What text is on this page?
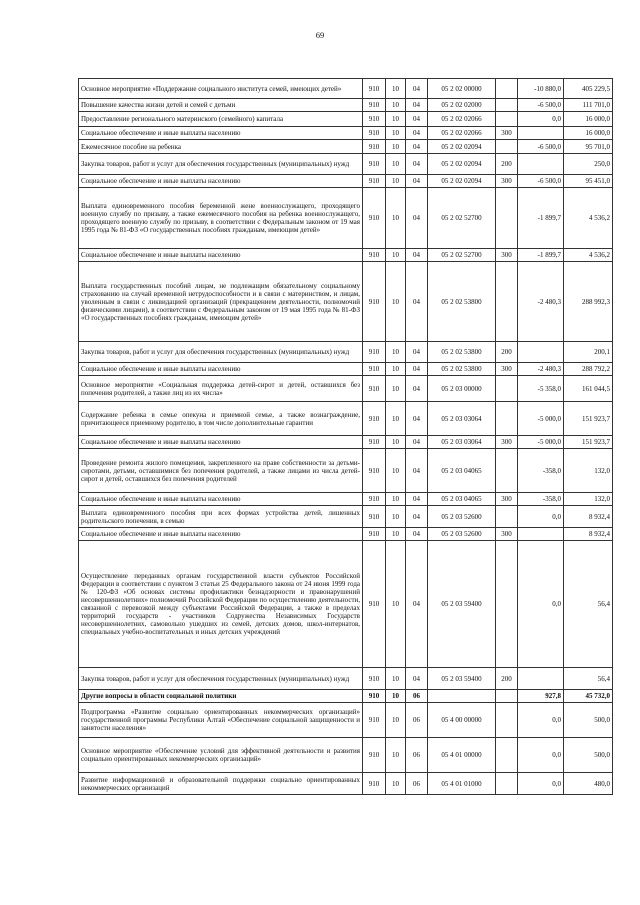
69
Основное мероприятие «Поддержание социального института семей, имеющих детей»	910	10	04	05 2 02 00000		-10 880,0	405 229,5
Повышение качества жизни детей и семей с детьми	910	10	04	05 2 02 02000		-6 500,0	111 701,0
Предоставление регионального материнского (семейного) капитала	910	10	04	05 2 02 02066		0,0	16 000,0
Социальное обеспечение и иные выплаты населению	910	10	04	05 2 02 02066	300		16 000,0
Ежемесячное пособие на ребенка	910	10	04	05 2 02 02094		-6 500,0	95 701,0
Закупка товаров, работ и услуг для обеспечения государственных (муниципальных) нужд	910	10	04	05 2 02 02094	200		250,0
Социальное обеспечение и иные выплаты населению	910	10	04	05 2 02 02094	300	-6 500,0	95 451,0
Выплата единовременного пособия беременной жене военнослужащего, проходящего военную службу по призыву, а также ежемесячного пособия на ребенка военнослужащего, проходящего военную службу по призыву, в соответствии с Федеральным законом от 19 мая 1995 года № 81-ФЗ «О государственных пособиях гражданам, имеющим детей»	910	10	04	05 2 02 52700		-1 899,7	4 536,2
Социальное обеспечение и иные выплаты населению	910	10	04	05 2 02 52700	300	-1 899,7	4 536,2
Выплата государственных пособий лицам, не подлежащим обязательному социальному страхованию на случай временной нетрудоспособности и в связи с материнством, и лицам, уволенным в связи с ликвидацией организаций (прекращением деятельности, полномочий физическими лицами), в соответствии с Федеральным законом от 19 мая 1995 года № 81-ФЗ «О государственных пособиях гражданам, имеющим детей»	910	10	04	05 2 02 53800		-2 480,3	288 992,3
Закупка товаров, работ и услуг для обеспечения государственных (муниципальных) нужд	910	10	04	05 2 02 53800	200		200,1
Социальное обеспечение и иные выплаты населению	910	10	04	05 2 02 53800	300	-2 480,3	288 792,2
Основное мероприятие «Социальная поддержка детей-сирот и детей, оставшихся без попечения родителей, а также лиц из их числа»	910	10	04	05 2 03 00000		-5 358,0	161 044,5
Содержание ребенка в семье опекуна и приемной семье, а также вознаграждение, причитающееся приемному родителю, в том числе дополнительные гарантии	910	10	04	05 2 03 03064		-5 000,0	151 923,7
Социальное обеспечение и иные выплаты населению	910	10	04	05 2 03 03064	300	-5 000,0	151 923,7
Проведение ремонта жилого помещения, закрепленного на праве собственности за детьми-сиротами, детьми, оставшимися без попечения родителей, а также лицами из числа детей-сирот и детей, оставшихся без попечения родителей	910	10	04	05 2 03 04065		-358,0	132,0
Социальное обеспечение и иные выплаты населению	910	10	04	05 2 03 04065	300	-358,0	132,0
Выплата единовременного пособия при всех формах устройства детей, лишенных родительского попечения, в семью	910	10	04	05 2 03 52600		0,0	8 932,4
Социальное обеспечение и иные выплаты населению	910	10	04	05 2 03 52600	300		8 932,4
Осуществление переданных органам государственной власти субъектов Российской Федерации в соответствии с пунктом 3 статьи 25 Федерального закона от 24 июня 1999 года № 120-ФЗ «Об основах системы профилактики безнадзорности и правонарушений несовершеннолетних» полномочий Российской Федерации по осуществлению деятельности, связанной с перевозкой между субъектами Российской Федерации, а также в пределах территорий государств - участников Содружества Независимых Государств несовершеннолетних, самовольно ушедших из семей, детских домов, школ-интернатов, специальных учебно-воспитательных и иных детских учреждений	910	10	04	05 2 03 59400		0,0	56,4
Закупка товаров, работ и услуг для обеспечения государственных (муниципальных) нужд	910	10	04	05 2 03 59400	200		56,4
Другие вопросы в области социальной политики	910	10	06			927,8	45 732,0
Подпрограмма «Развитие социально ориентированных некоммерческих организаций» государственной программы Республики Алтай «Обеспечение социальной защищенности и занятости населения»	910	10	06	05 4 00 00000		0,0	500,0
Основное мероприятие «Обеспечение условий для эффективной деятельности и развития социально ориентированных некоммерческих организаций»	910	10	06	05 4 01 00000		0,0	500,0
Развитие информационной и образовательной поддержки социально ориентированных некоммерческих организаций	910	10	06	05 4 01 01000		0,0	480,0
